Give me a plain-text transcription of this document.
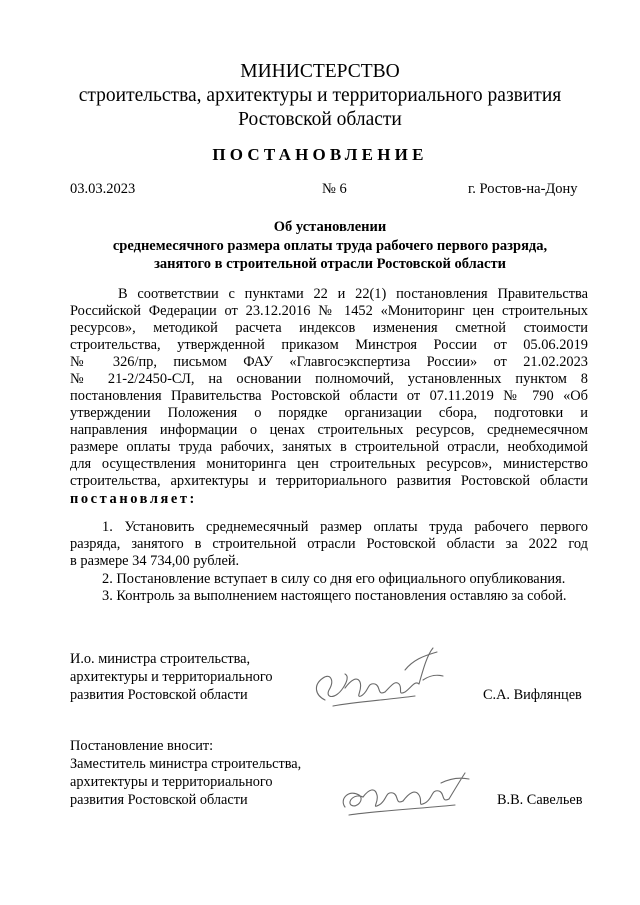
МИНИСТЕРСТВО
строительства, архитектуры и территориального развития
Ростовской области
ПОСТАНОВЛЕНИЕ
03.03.2023	№ 6	г. Ростов-на-Дону
Об установлении
среднемесячного размера оплаты труда рабочего первого разряда,
занятого в строительной отрасли Ростовской области
В соответствии с пунктами 22 и 22(1) постановления Правительства
Российской Федерации от 23.12.2016 № 1452 «Мониторинг цен строительных
ресурсов», методикой расчета индексов изменения сметной стоимости
строительства, утвержденной приказом Минстроя России от 05.06.2019
№ 326/пр, письмом ФАУ «Главгосэкспертиза России» от 21.02.2023
№ 21-2/2450-СЛ, на основании полномочий, установленных пунктом 8
постановления Правительства Ростовской области от 07.11.2019 № 790 «Об
утверждении Положения о порядке организации сбора, подготовки и
направления информации о ценах строительных ресурсов, среднемесячном
размере оплаты труда рабочих, занятых в строительной отрасли, необходимой
для осуществления мониторинга цен строительных ресурсов», министерство
строительства, архитектуры и территориального развития Ростовской области
постановляет:
1. Установить среднемесячный размер оплаты труда рабочего первого
разряда, занятого в строительной отрасли Ростовской области за 2022 год
в размере 34 734,00 рублей.
2. Постановление вступает в силу со дня его официального опубликования.
3. Контроль за выполнением настоящего постановления оставляю за собой.
И.о. министра строительства,
архитектуры и территориального
развития Ростовской области	С.А. Вифлянцев
Постановление вносит:
Заместитель министра строительства,
архитектуры и территориального
развития Ростовской области	В.В. Савельев
